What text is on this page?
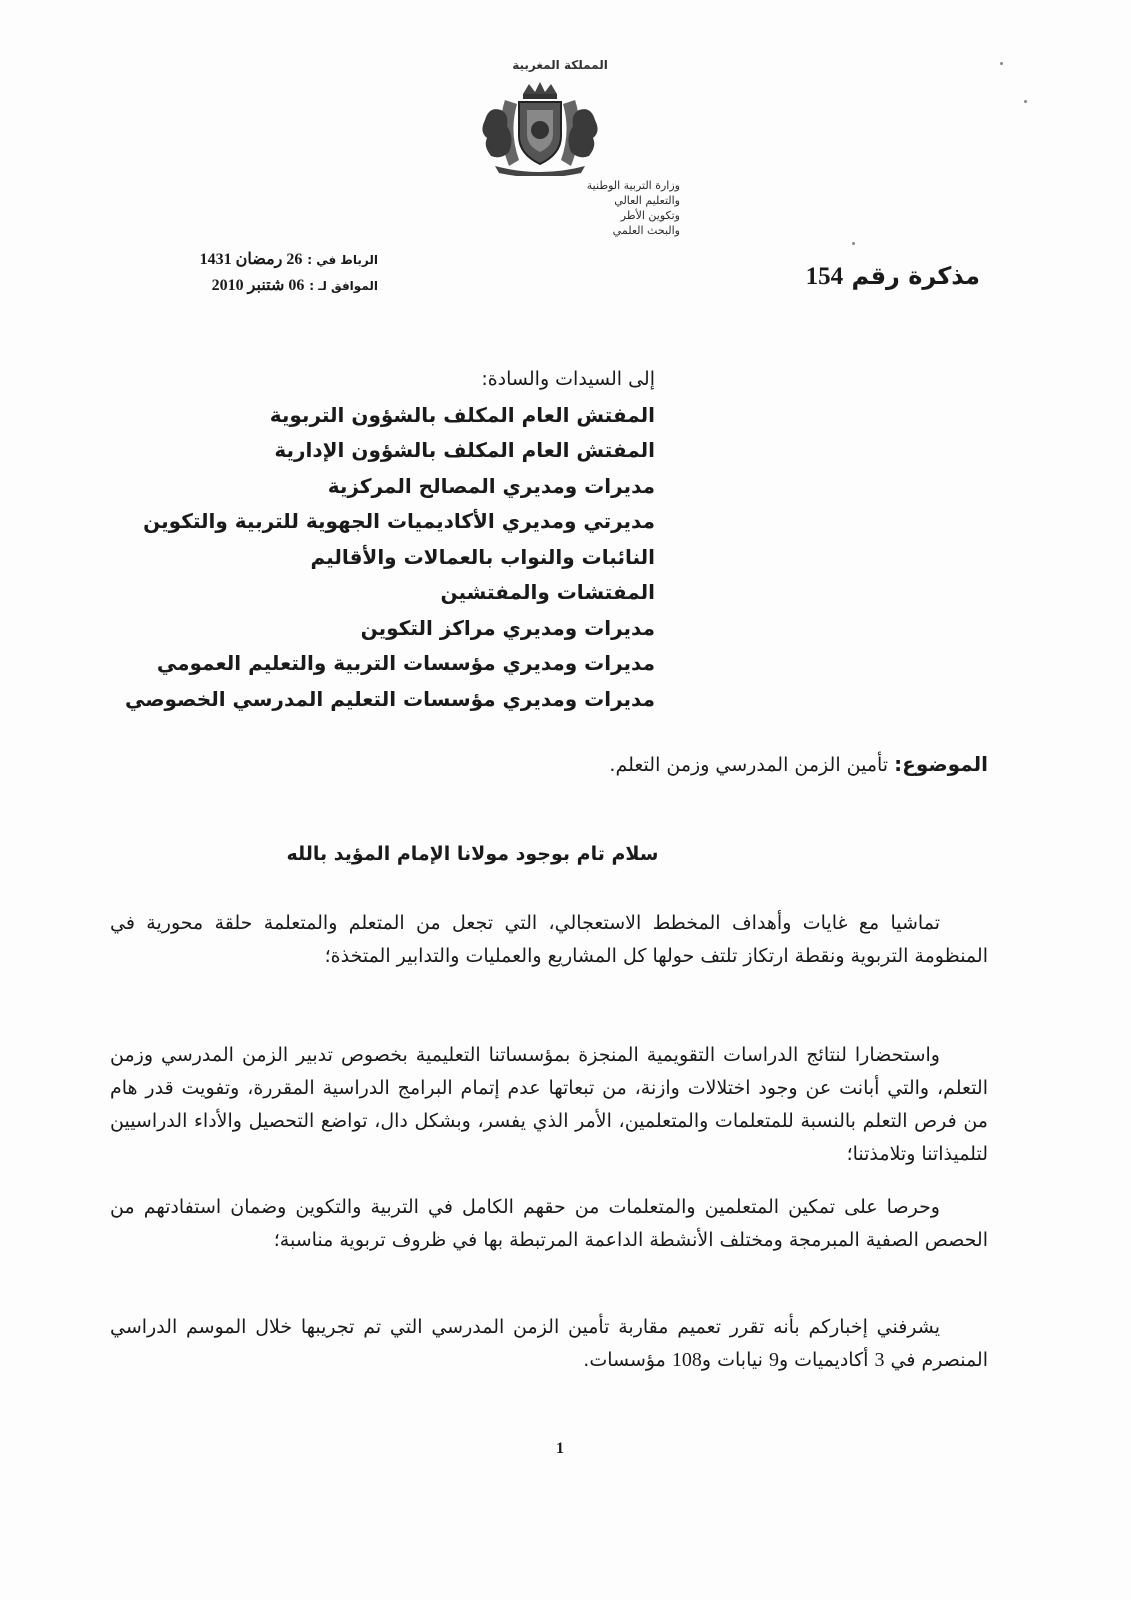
المملكة المغربية
وزارة التربية الوطنية
والتعليم العالي
وتكوين الأطر
والبحث العلمي
الرباط في : 26 رمضان 1431
الموافق لـ : 06 شتنبر 2010	مذكرة رقم 154
إلى السيدات والسادة:
المفتش العام المكلف بالشؤون التربوية
المفتش العام المكلف بالشؤون الإدارية
مديرات ومديري المصالح المركزية
مديرتي ومديري الأكاديميات الجهوية للتربية والتكوين
النائبات والنواب بالعمالات والأقاليم
المفتشات والمفتشين
مديرات ومديري مراكز التكوين
مديرات ومديري مؤسسات التربية والتعليم العمومي
مديرات ومديري مؤسسات التعليم المدرسي الخصوصي
الموضوع: تأمين الزمن المدرسي وزمن التعلم.
سلام تام بوجود مولانا الإمام المؤيد بالله

تماشيا مع غايات وأهداف المخطط الاستعجالي، التي تجعل من المتعلم والمتعلمة حلقة محورية في المنظومة التربوية ونقطة ارتكاز تلتف حولها كل المشاريع والعمليات والتدابير المتخذة؛

واستحضارا لنتائج الدراسات التقويمية المنجزة بمؤسساتنا التعليمية بخصوص تدبير الزمن المدرسي وزمن التعلم، والتي أبانت عن وجود اختلالات وازنة، من تبعاتها عدم إتمام البرامج الدراسية المقررة، وتفويت قدر هام من فرص التعلم بالنسبة للمتعلمات والمتعلمين، الأمر الذي يفسر، وبشكل دال، تواضع التحصيل والأداء الدراسيين لتلميذاتنا وتلامذتنا؛

وحرصا على تمكين المتعلمين والمتعلمات من حقهم الكامل في التربية والتكوين وضمان استفادتهم من الحصص الصفية المبرمجة ومختلف الأنشطة الداعمة المرتبطة بها في ظروف تربوية مناسبة؛

يشرفني إخباركم بأنه تقرر تعميم مقاربة تأمين الزمن المدرسي التي تم تجريبها خلال الموسم الدراسي المنصرم في 3 أكاديميات و9 نيابات و108 مؤسسات.

1
